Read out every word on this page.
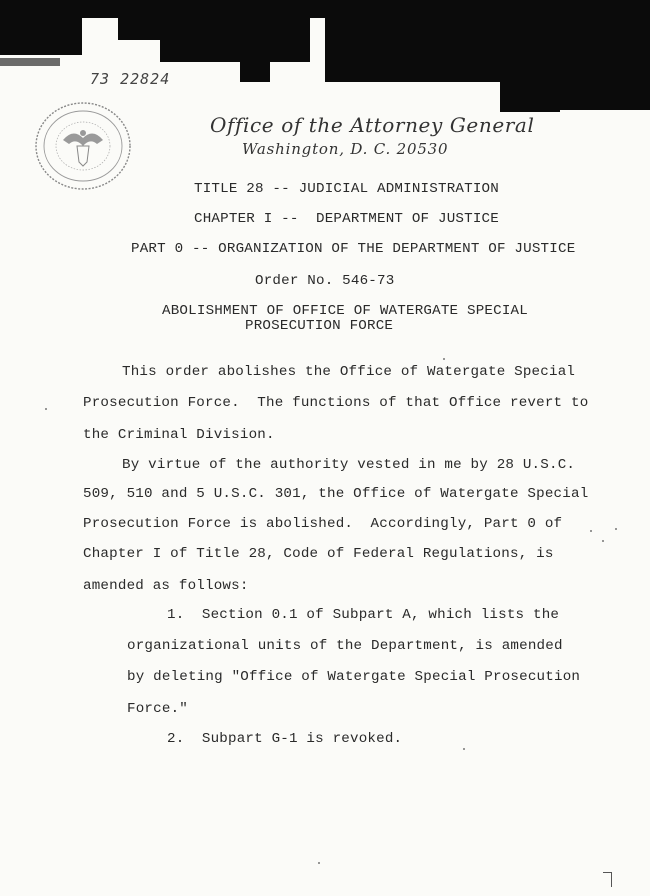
73 22824
Office of the Attorney General
Washington, D. C. 20530
TITLE 28 -- JUDICIAL ADMINISTRATION
CHAPTER I --  DEPARTMENT OF JUSTICE
PART 0 -- ORGANIZATION OF THE DEPARTMENT OF JUSTICE
Order No. 546-73
ABOLISHMENT OF OFFICE OF WATERGATE SPECIAL
PROSECUTION FORCE
This order abolishes the Office of Watergate Special
Prosecution Force.  The functions of that Office revert to
the Criminal Division.
By virtue of the authority vested in me by 28 U.S.C.
509, 510 and 5 U.S.C. 301, the Office of Watergate Special
Prosecution Force is abolished.  Accordingly, Part 0 of
Chapter I of Title 28, Code of Federal Regulations, is
amended as follows:
1.  Section 0.1 of Subpart A, which lists the
organizational units of the Department, is amended
by deleting "Office of Watergate Special Prosecution
Force."
2.  Subpart G-1 is revoked.
